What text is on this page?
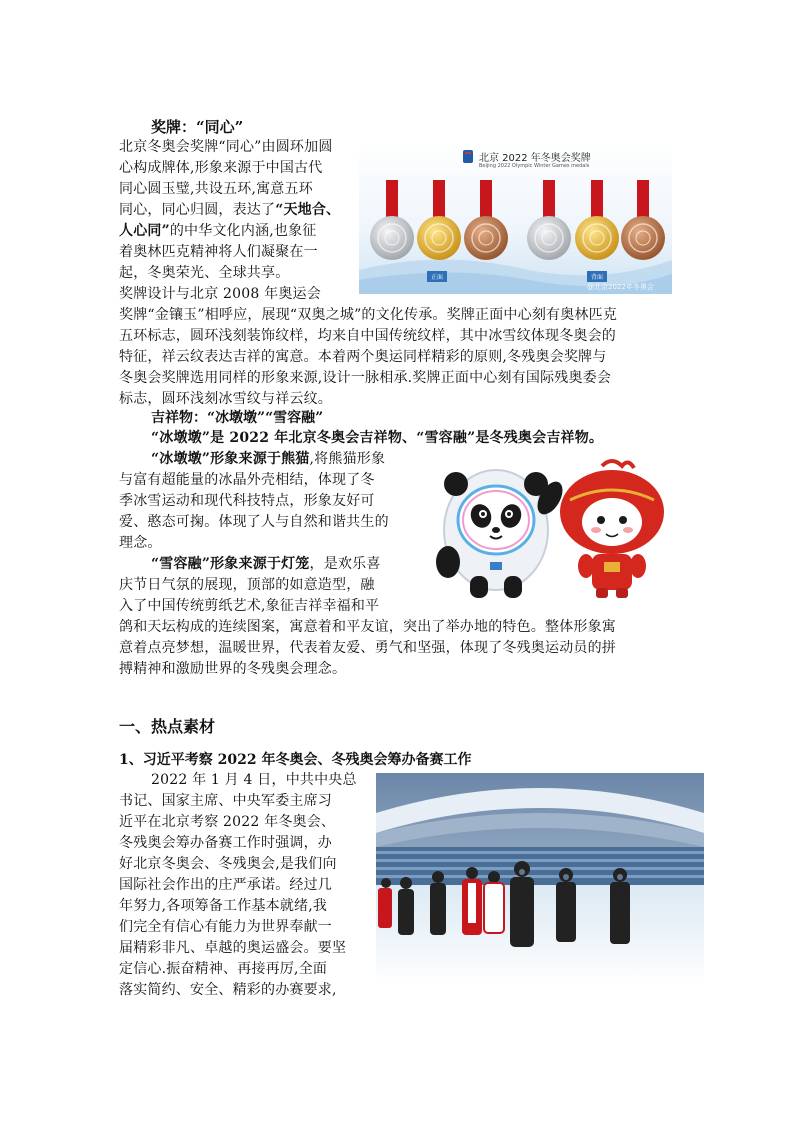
奖牌：“同心”
北京冬奥会奖牌“同心”由圆环加圆
心构成牌体,形象来源于中国古代
同心圆玉璧,共设五环,寓意五环
同心，同心归圆，表达了“天地合、
人心同”的中华文化内涵,也象征
着奥林匹克精神将人们凝聚在一
起，冬奥荣光、全球共享。
奖牌设计与北京 2008 年奥运会
奖牌“金镶玉”相呼应，展现“双奥之城”的文化传承。奖牌正面中心刻有奥林匹克
五环标志，圆环浅刻装饰纹样，均来自中国传统纹样，其中冰雪纹体现冬奥会的
特征，祥云纹表达吉祥的寓意。本着两个奥运同样精彩的原则,冬残奥会奖牌与
冬奥会奖牌选用同样的形象来源,设计一脉相承.奖牌正面中心刻有国际残奥委会
标志，圆环浅刻冰雪纹与祥云纹。
北京 2022 年冬奥会奖牌
Beijing 2022 Olympic Winter Games medals
正面	背面
@北京2022年冬奥会
吉祥物：“冰墩墩”“雪容融”
“冰墩墩”是 2022 年北京冬奥会吉祥物、“雪容融”是冬残奥会吉祥物。
“冰墩墩”形象来源于熊猫,将熊猫形象
与富有超能量的冰晶外壳相结，体现了冬
季冰雪运动和现代科技特点，形象友好可
爱、憨态可掬。体现了人与自然和谐共生的
理念。
“雪容融”形象来源于灯笼，是欢乐喜
庆节日气氛的展现，顶部的如意造型，融
入了中国传统剪纸艺术,象征吉祥幸福和平
鸽和天坛构成的连续图案，寓意着和平友谊，突出了举办地的特色。整体形象寓
意着点亮梦想，温暖世界，代表着友爱、勇气和坚强，体现了冬残奥运动员的拼
搏精神和激励世界的冬残奥会理念。
一、热点素材
1、习近平考察 2022 年冬奥会、冬残奥会筹办备赛工作
2022 年 1 月 4 日，中共中央总
书记、国家主席、中央军委主席习
近平在北京考察 2022 年冬奥会、
冬残奥会筹办备赛工作时强调，办
好北京冬奥会、冬残奥会,是我们向
国际社会作出的庄严承诺。经过几
年努力,各项筹备工作基本就绪,我
们完全有信心有能力为世界奉献一
届精彩非凡、卓越的奥运盛会。要坚
定信心.振奋精神、再接再厉,全面
落实简约、安全、精彩的办赛要求,
